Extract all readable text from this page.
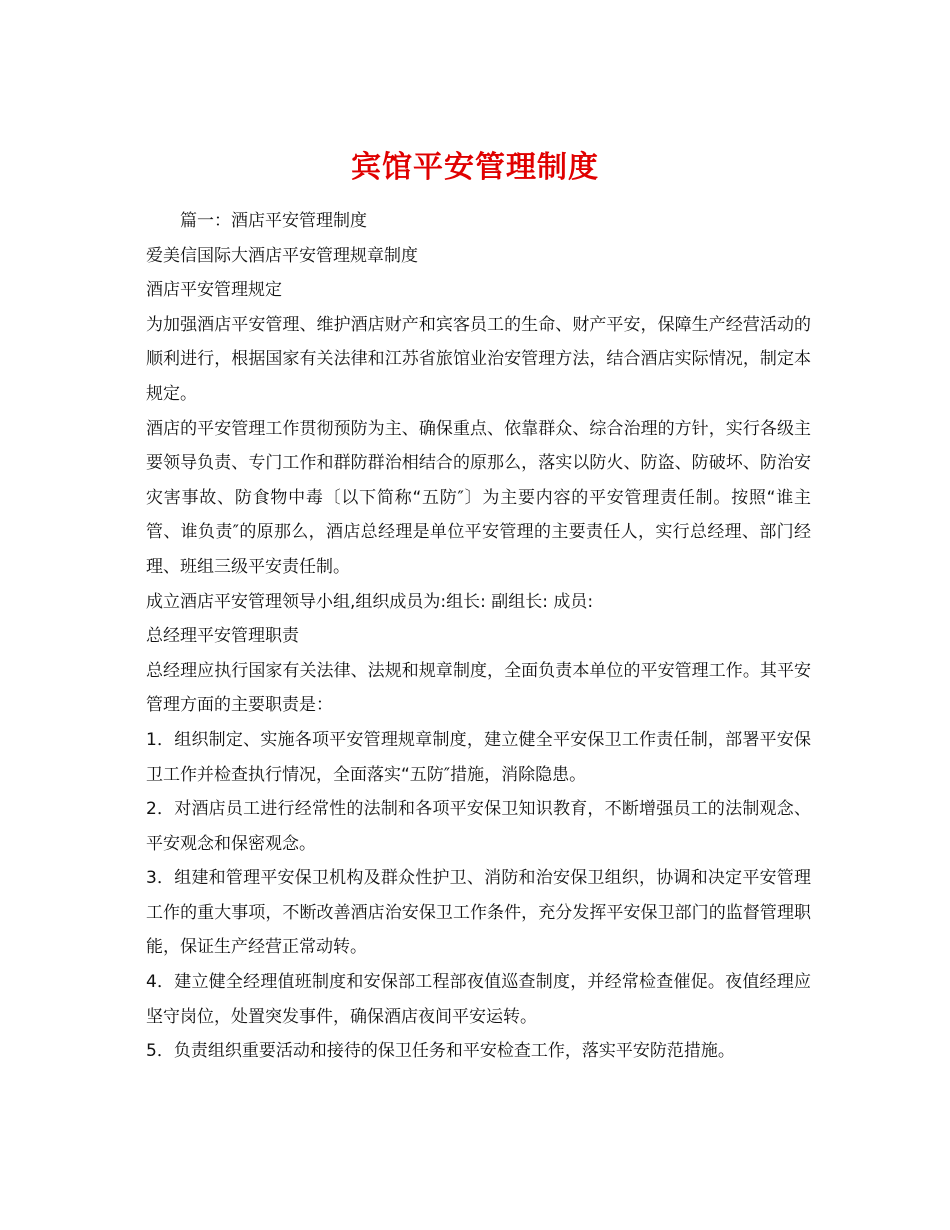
宾馆平安管理制度

篇一：酒店平安管理制度

爱美信国际大酒店平安管理规章制度

酒店平安管理规定

为加强酒店平安管理、维护酒店财产和宾客员工的生命、财产平安，保障生产经营活动的顺利进行，根据国家有关法律和江苏省旅馆业治安管理方法，结合酒店实际情况，制定本规定。

酒店的平安管理工作贯彻预防为主、确保重点、依靠群众、综合治理的方针，实行各级主要领导负责、专门工作和群防群治相结合的原那么，落实以防火、防盗、防破坏、防治安灾害事故、防食物中毒〔以下简称“五防″〕为主要内容的平安管理责任制。按照“谁主管、谁负责″的原那么，酒店总经理是单位平安管理的主要责任人，实行总经理、部门经理、班组三级平安责任制。

成立酒店平安管理领导小组,组织成员为:组长: 副组长: 成员:

总经理平安管理职责

总经理应执行国家有关法律、法规和规章制度，全面负责本单位的平安管理工作。其平安管理方面的主要职责是：

1．组织制定、实施各项平安管理规章制度，建立健全平安保卫工作责任制，部署平安保卫工作并检查执行情况，全面落实“五防″措施，消除隐患。

2．对酒店员工进行经常性的法制和各项平安保卫知识教育，不断增强员工的法制观念、平安观念和保密观念。

3．组建和管理平安保卫机构及群众性护卫、消防和治安保卫组织，协调和决定平安管理工作的重大事项，不断改善酒店治安保卫工作条件，充分发挥平安保卫部门的监督管理职能，保证生产经营正常动转。

4．建立健全经理值班制度和安保部工程部夜值巡查制度，并经常检查催促。夜值经理应坚守岗位，处置突发事件，确保酒店夜间平安运转。

5．负责组织重要活动和接待的保卫任务和平安检查工作，落实平安防范措施。
